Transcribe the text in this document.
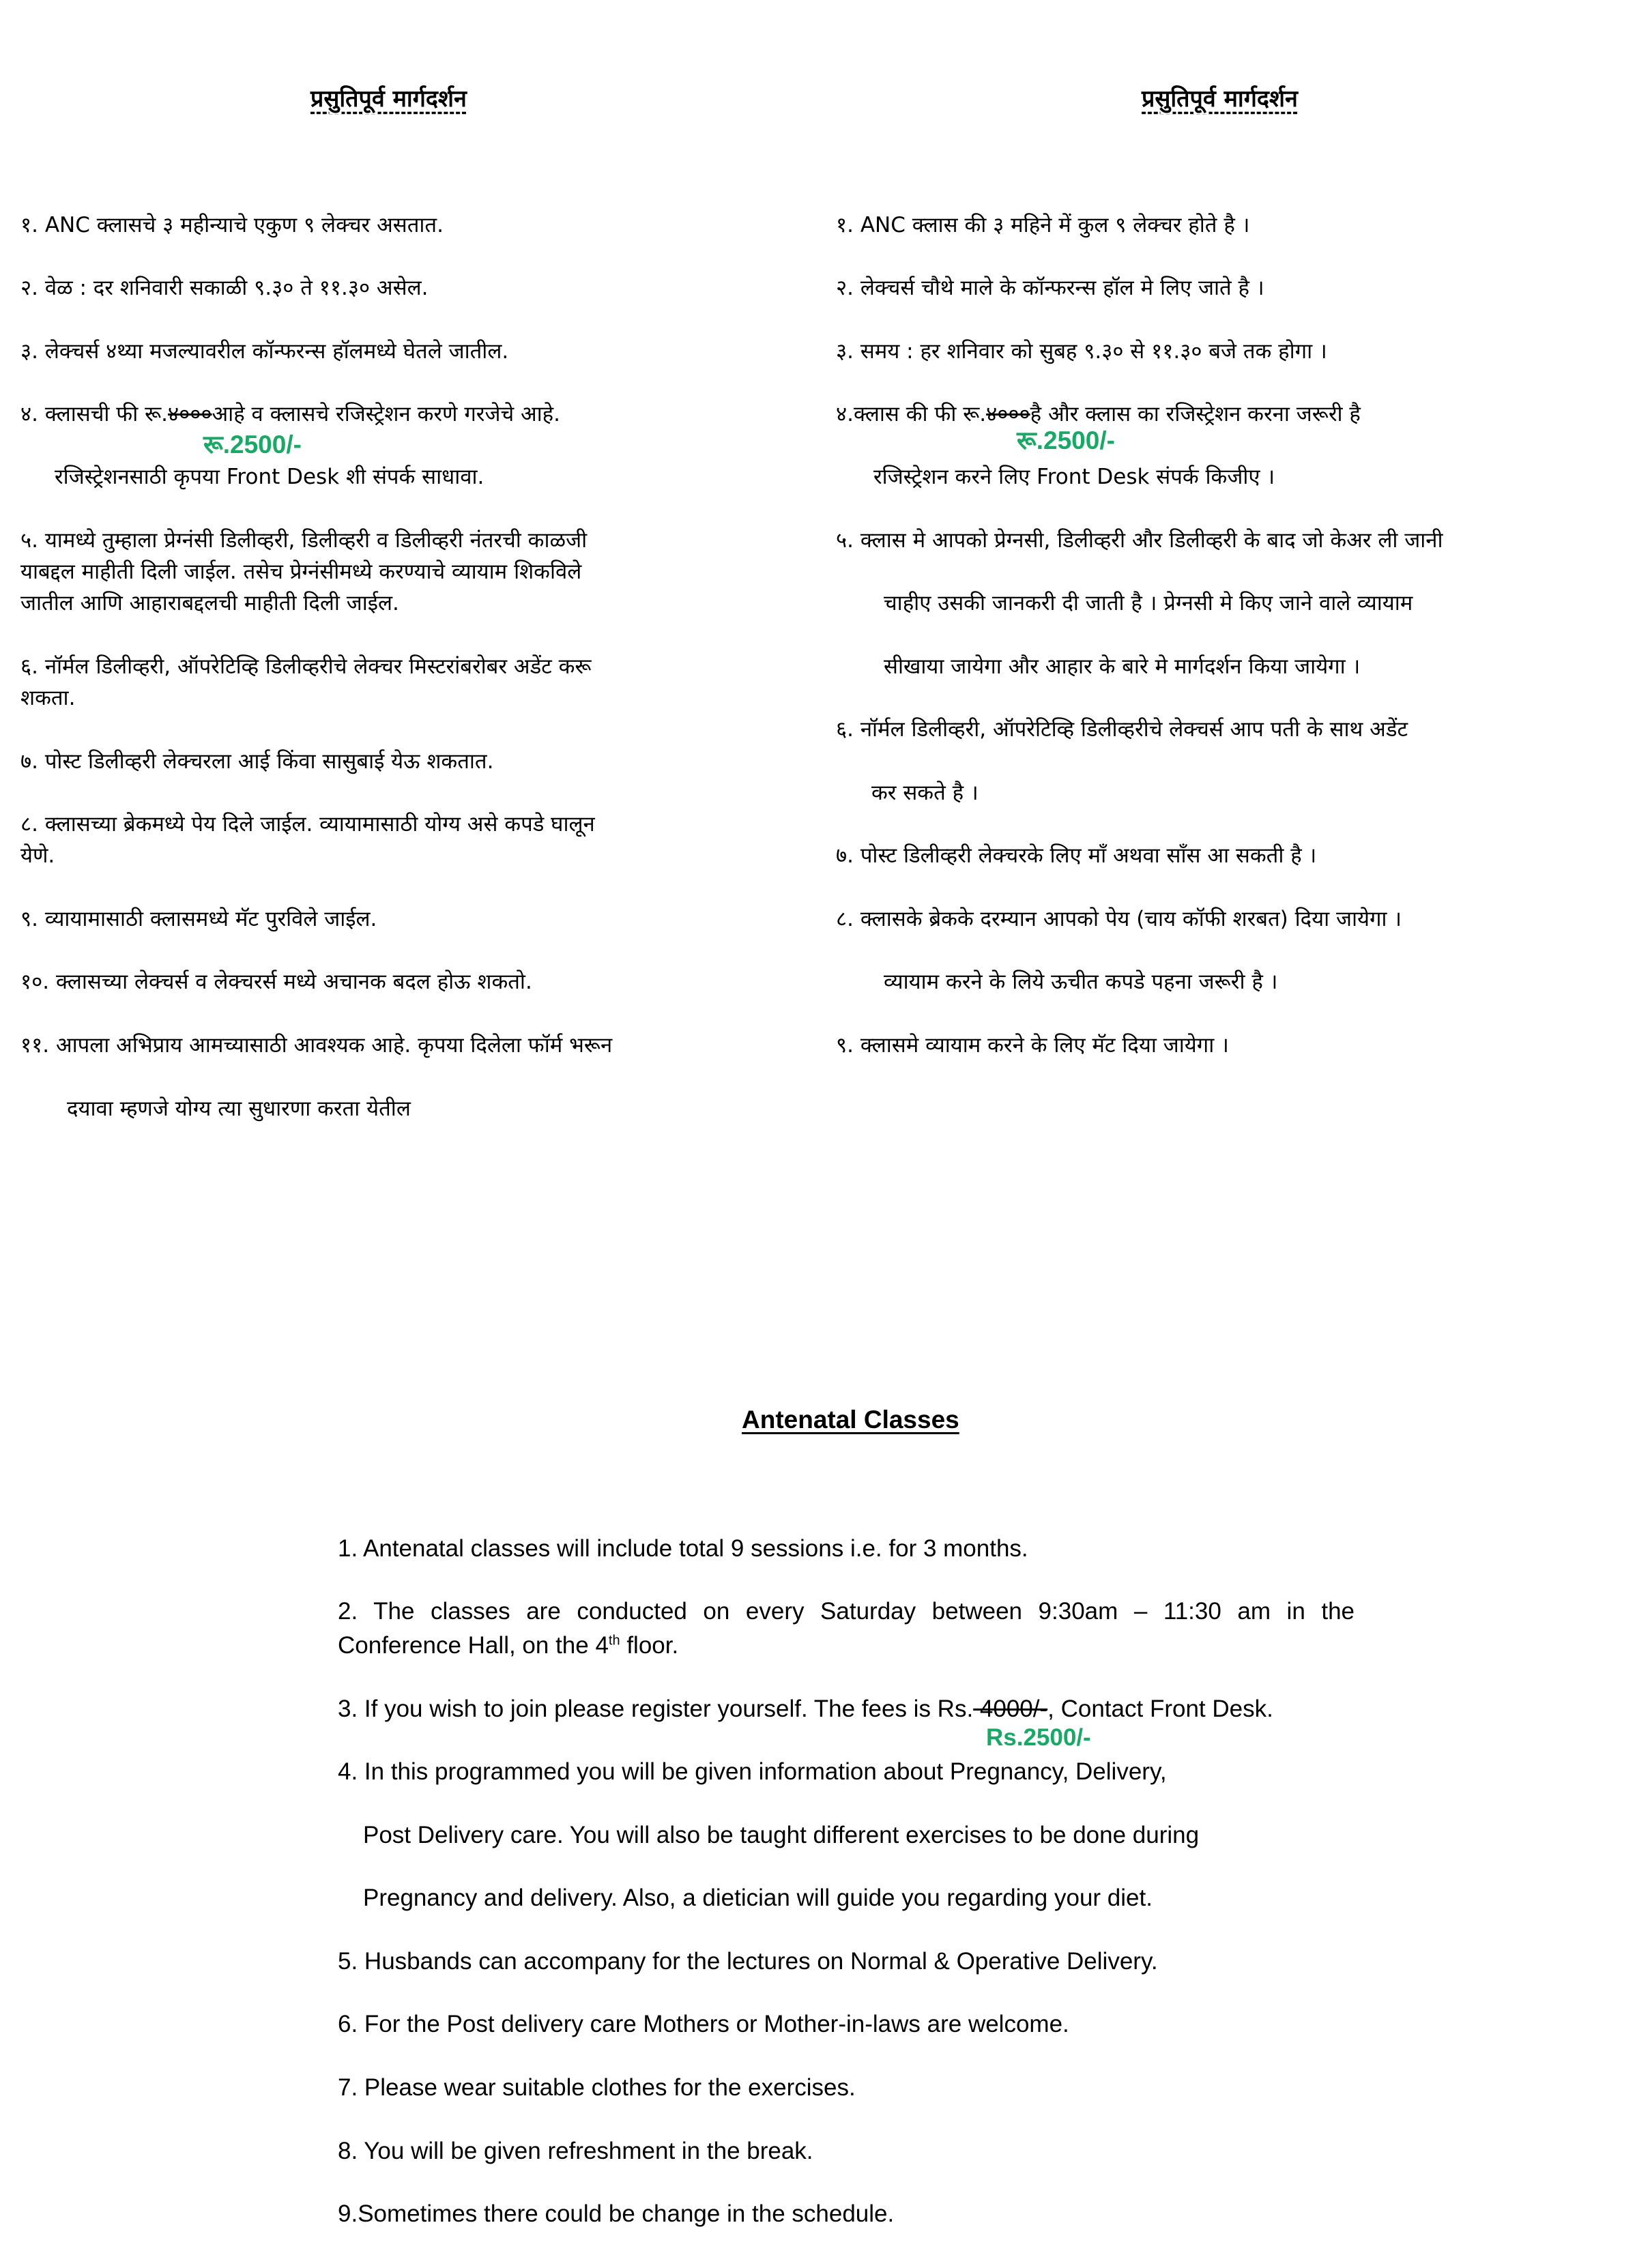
प्रसुतिपूर्व मार्गदर्शन
१. ANC क्लासचे ३ महीन्याचे एकुण ९ लेक्चर असतात.
२. वेळ : दर शनिवारी सकाळी ९.३० ते ११.३० असेल.
३. लेक्चर्स ४थ्या मजल्यावरील कॉन्फरन्स हॉलमध्ये घेतले जातील.
४. क्लासची फी रू.४०००आहे व क्लासचे रजिस्ट्रेशन करणे गरजेचे आहे.
रजिस्ट्रेशनसाठी कृपया Front Desk शी संपर्क साधावा.
५. यामध्ये तुम्हाला प्रेग्नंसी डिलीव्हरी, डिलीव्हरी व डिलीव्हरी नंतरची काळजी
याबद्दल माहीती दिली जाईल. तसेच प्रेग्नंसीमध्ये करण्याचे व्यायाम शिकविले
जातील आणि आहाराबद्दलची माहीती दिली जाईल.
६. नॉर्मल डिलीव्हरी, ऑपरेटिव्हि डिलीव्हरीचे लेक्चर मिस्टरांबरोबर अडेंट करू
शकता.
७. पोस्ट डिलीव्हरी लेक्चरला आई किंवा सासुबाई येऊ शकतात.
८. क्लासच्या ब्रेकमध्ये पेय दिले जाईल. व्यायामासाठी योग्य असे कपडे घालून
येणे.
९. व्यायामासाठी क्लासमध्ये मॅट पुरविले जाईल.
१०. क्लासच्या लेक्चर्स व लेक्चरर्स मध्ये अचानक बदल होऊ शकतो.
११. आपला अभिप्राय आमच्यासाठी आवश्यक आहे. कृपया दिलेला फॉर्म भरून
दयावा म्हणजे योग्य त्या सुधारणा करता येतील
रू.2500/-
प्रसुतिपूर्व मार्गदर्शन
१. ANC क्लास की ३ महिने में कुल ९ लेक्चर होते है ।
२. लेक्चर्स चौथे माले के कॉन्फरन्स हॉल मे लिए जाते है ।
३. समय : हर शनिवार को सुबह ९.३० से ११.३० बजे तक होगा ।
४.क्लास की फी रू.४०००है और क्लास का रजिस्ट्रेशन करना जरूरी है
रजिस्ट्रेशन करने लिए Front Desk संपर्क किजीए ।
५. क्लास मे आपको प्रेग्नसी, डिलीव्हरी और डिलीव्हरी के बाद जो केअर ली जानी
चाहीए उसकी जानकरी दी जाती है । प्रेग्नसी मे किए जाने वाले व्यायाम
सीखाया जायेगा और आहार के बारे मे मार्गदर्शन किया जायेगा ।
६. नॉर्मल डिलीव्हरी, ऑपरेटिव्हि डिलीव्हरीचे लेक्चर्स आप पती के साथ अडेंट
कर सकते है ।
७. पोस्ट डिलीव्हरी लेक्चरके लिए माँ अथवा साँस आ सकती है ।
८. क्लासके ब्रेकके दरम्यान आपको पेय (चाय कॉफी शरबत) दिया जायेगा ।
व्यायाम करने के लिये ऊचीत कपडे पहना जरूरी है ।
९. क्लासमे व्यायाम करने के लिए मॅट दिया जायेगा ।
रू.2500/-
Antenatal Classes
1. Antenatal classes will include total 9 sessions i.e. for 3 months.
2. The classes are conducted on every Saturday between 9:30am – 11:30 am in the
Conference Hall, on the 4th floor.
3. If you wish to join please register yourself. The fees is Rs. 4000/-, Contact Front Desk.
4. In this programmed you will be given information about Pregnancy, Delivery,
Post Delivery care. You will also be taught different exercises to be done during
Pregnancy and delivery. Also, a dietician will guide you regarding your diet.
5. Husbands can accompany for the lectures on Normal & Operative Delivery.
6. For the Post delivery care Mothers or Mother-in-laws are welcome.
7. Please wear suitable clothes for the exercises.
8. You will be given refreshment in the break.
9.Sometimes there could be change in the schedule.
Rs.2500/-
